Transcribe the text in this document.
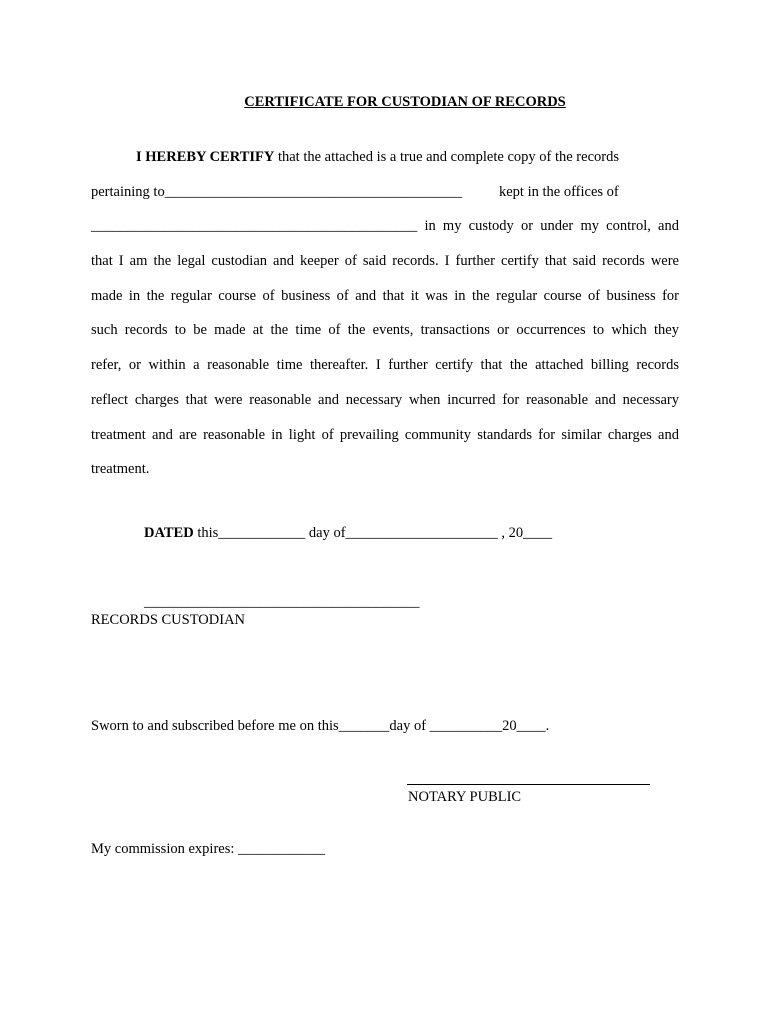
CERTIFICATE FOR CUSTODIAN OF RECORDS
I HEREBY CERTIFY that the attached is a true and complete copy of the records
pertaining to_________________________________________	kept in the offices of
_____________________________________________ in my custody or under my control, and
that I am the legal custodian and keeper of said records. I further certify that said records were
made in the regular course of business of and that it was in the regular course of business for
such records to be made at the time of the events, transactions or occurrences to which they
refer, or within a reasonable time thereafter. I further certify that the attached billing records
reflect charges that were reasonable and necessary when incurred for reasonable and necessary
treatment and are reasonable in light of prevailing community standards for similar charges and
treatment.
DATED this____________ day of_____________________ , 20____
______________________________________
RECORDS CUSTODIAN
Sworn to and subscribed before me on this_______day of __________20____.
NOTARY PUBLIC
My commission expires: ____________
